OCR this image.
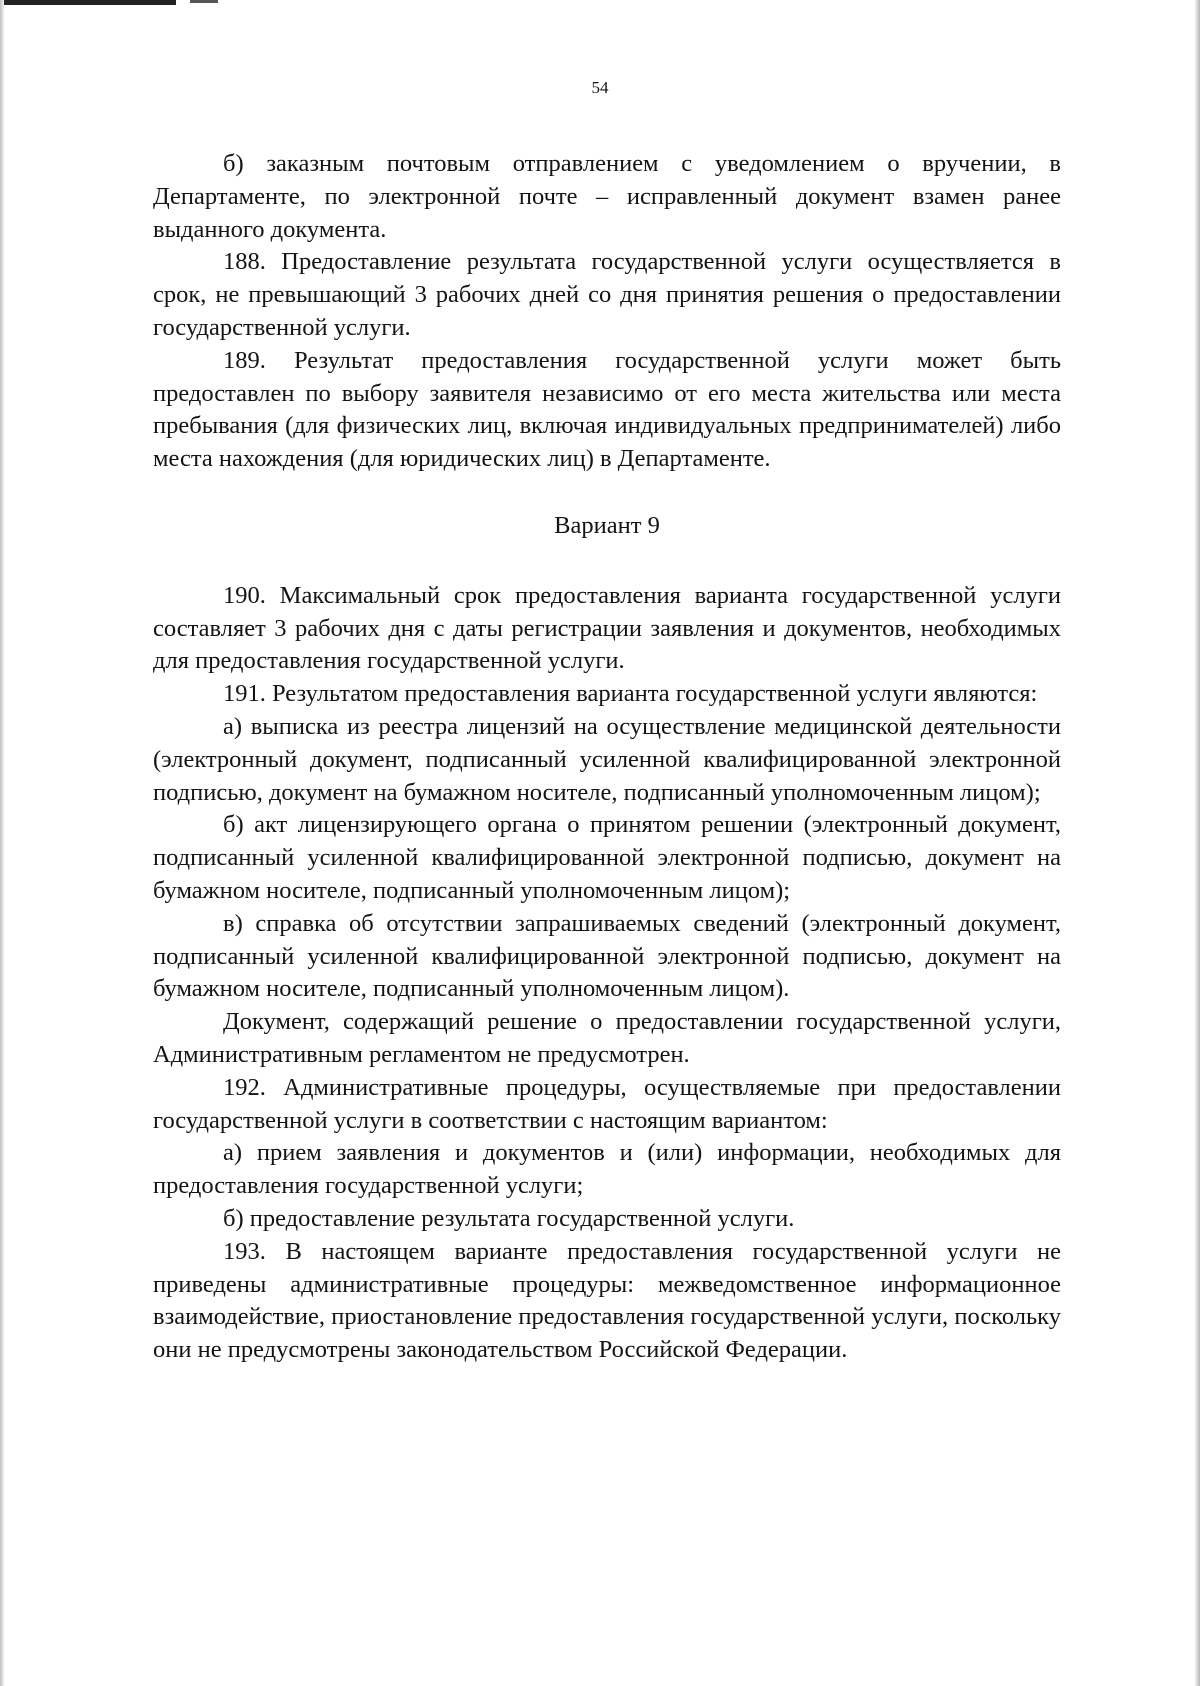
54

б) заказным почтовым отправлением с уведомлением о вручении, в Департаменте, по электронной почте – исправленный документ взамен ранее выданного документа.

188. Предоставление результата государственной услуги осуществляется в срок, не превышающий 3 рабочих дней со дня принятия решения о предоставлении государственной услуги.

189. Результат предоставления государственной услуги может быть предоставлен по выбору заявителя независимо от его места жительства или места пребывания (для физических лиц, включая индивидуальных предпринимателей) либо места нахождения (для юридических лиц) в Департаменте.

Вариант 9

190. Максимальный срок предоставления варианта государственной услуги составляет 3 рабочих дня с даты регистрации заявления и документов, необходимых для предоставления государственной услуги.

191. Результатом предоставления варианта государственной услуги являются:

а) выписка из реестра лицензий на осуществление медицинской деятельности (электронный документ, подписанный усиленной квалифицированной электронной подписью, документ на бумажном носителе, подписанный уполномоченным лицом);

б) акт лицензирующего органа о принятом решении (электронный документ, подписанный усиленной квалифицированной электронной подписью, документ на бумажном носителе, подписанный уполномоченным лицом);

в) справка об отсутствии запрашиваемых сведений (электронный документ, подписанный усиленной квалифицированной электронной подписью, документ на бумажном носителе, подписанный уполномоченным лицом).

Документ, содержащий решение о предоставлении государственной услуги, Административным регламентом не предусмотрен.

192. Административные процедуры, осуществляемые при предоставлении государственной услуги в соответствии с настоящим вариантом:

а) прием заявления и документов и (или) информации, необходимых для предоставления государственной услуги;

б) предоставление результата государственной услуги.

193. В настоящем варианте предоставления государственной услуги не приведены административные процедуры: межведомственное информационное взаимодействие, приостановление предоставления государственной услуги, поскольку они не предусмотрены законодательством Российской Федерации.
